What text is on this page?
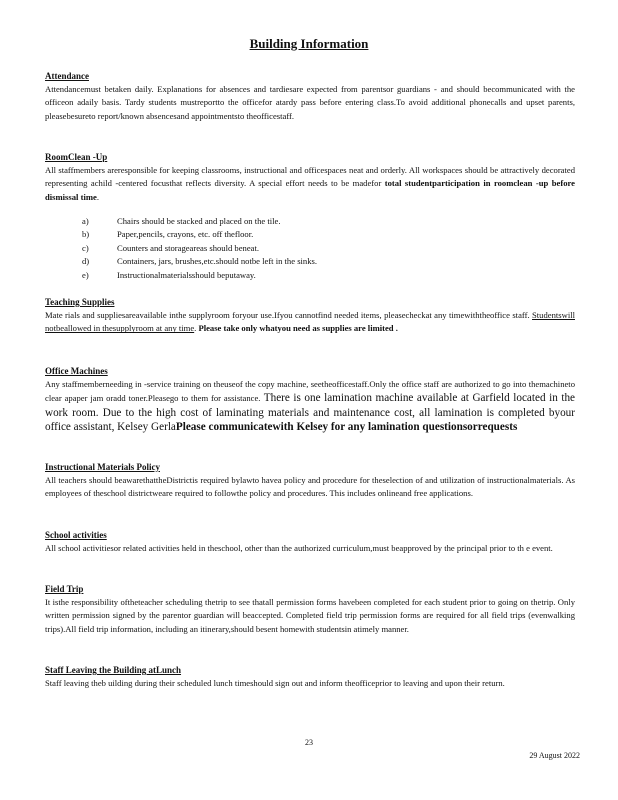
Building Information
Attendance
Attendancemust betaken daily. Explanations for absences and tardiesare expected from parentsor guardians - and should becommunicated with the officeon adaily basis. Tardy students mustreportto the officefor atardy pass before entering class.To avoid additional phonecalls and upset parents, pleasebesureto report/known absencesand appointmentsto theofficestaff.
RoomClean -Up
All staffmembers areresponsible for keeping classrooms, instructional and officespaces neat and orderly. All workspaces should be attractively decorated representing achild -centered focusthat reflects diversity. A special effort needs to be madefor total studentparticipation in roomclean -up before dismissal time.
a)	Chairs should be stacked and placed on the tile.
b)	Paper,pencils, crayons, etc. off thefloor.
c)	Counters and storageareas should beneat.
d)	Containers, jars, brushes,etc.should notbe left in the sinks.
e)	Instructionalmaterialsshould beputaway.
Teaching Supplies
Mate rials and suppliesareavailable inthe supplyroom foryour use.Ifyou cannotfind needed items, pleasecheckat any timewiththeoffice staff. Studentswill notbeallowed in thesupplyroom at any time. Please take only whatyou need as supplies are limited .
Office Machines
Any staffmemberneeding in -service training on theuseof the copy machine, seetheofficestaff.Only the office staff are authorized to go into themachineto clear apaper jam oradd toner.Pleasego to them for assistance. There is one lamination machine available at Garfield located in the work room. Due to the high cost of laminating materials and maintenance cost, all lamination is completed byour office assistant, Kelsey GerlaPlease communicatewith Kelsey for any lamination questionsorrequests
Instructional Materials Policy
All teachers should beawarethattheDistrictis required bylawto havea policy and procedure for theselection of and utilization of instructionalmaterials. As employees of theschool districtweare required to followthe policy and procedures. This includes onlineand free applications.
School activities
All school activitiesor related activities held in theschool, other than the authorized curriculum,must beapproved by the principal prior to th e event.
Field Trip
It isthe responsibility oftheteacher scheduling thetrip to see thatall permission forms havebeen completed for each student prior to going on thetrip. Only written permission signed by the parentor guardian will beaccepted. Completed field trip permission forms are required for all field trips (evenwalking trips).All field trip information, including an itinerary,should besent homewith studentsin atimely manner.
Staff Leaving the Building atLunch
Staff leaving theb uilding during their scheduled lunch timeshould sign out and inform theofficeprior to leaving and upon their return.
23
29 August 2022
